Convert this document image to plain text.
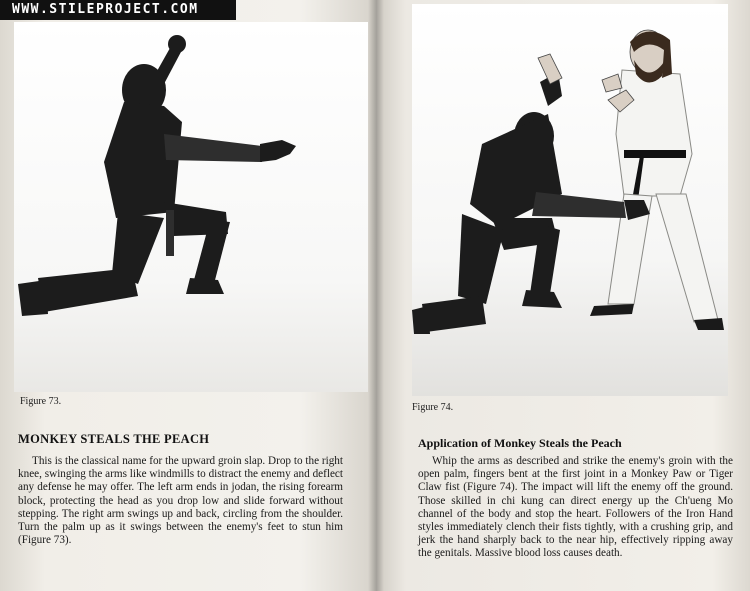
Figure 73.
Figure 74.
MONKEY STEALS THE PEACH

This is the classical name for the upward groin slap. Drop to the right knee, swinging the arms like windmills to distract the enemy and deflect any defense he may offer. The left arm ends in jodan, the rising forearm block, protecting the head as you drop low and slide forward without stepping. The right arm swings up and back, circling from the shoulder. Turn the palm up as it swings between the enemy's feet to stun him (Figure 73).

Application of Monkey Steals the Peach

Whip the arms as described and strike the enemy's groin with the open palm, fingers bent at the first joint in a Monkey Paw or Tiger Claw fist (Figure 74). The impact will lift the enemy off the ground. Those skilled in chi kung can direct energy up the Ch'ueng Mo channel of the body and stop the heart. Followers of the Iron Hand styles immediately clench their fists tightly, with a crushing grip, and jerk the hand sharply back to the near hip, effectively ripping away the genitals. Massive blood loss causes death.

WWW.STILEPROJECT.COM
